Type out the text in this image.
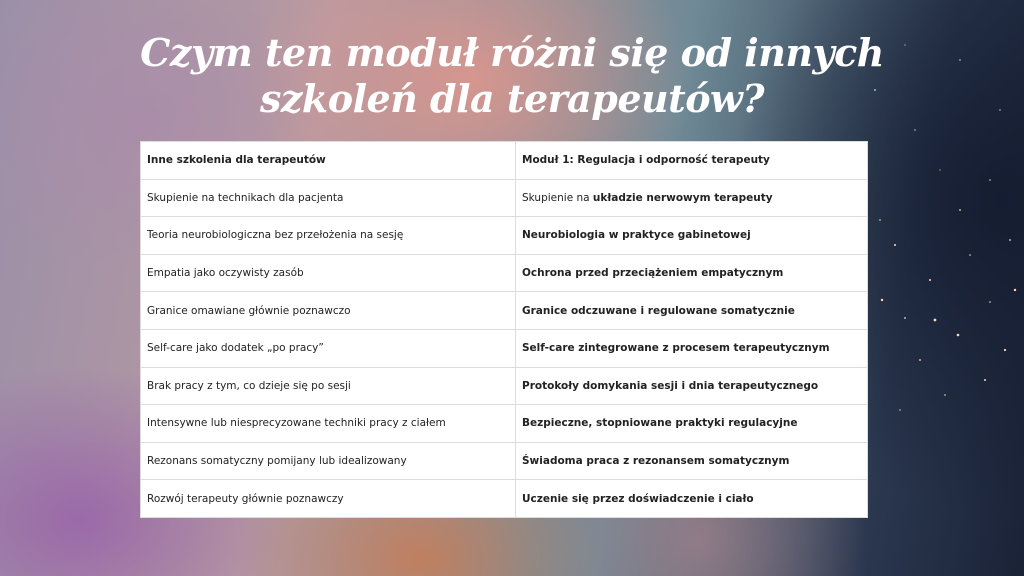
Czym ten moduł różni się od innych
szkoleń dla terapeutów?
Inne szkolenia dla terapeutów	Moduł 1: Regulacja i odporność terapeuty
Skupienie na technikach dla pacjenta	Skupienie na układzie nerwowym terapeuty
Teoria neurobiologiczna bez przełożenia na sesję	Neurobiologia w praktyce gabinetowej
Empatia jako oczywisty zasób	Ochrona przed przeciążeniem empatycznym
Granice omawiane głównie poznawczo	Granice odczuwane i regulowane somatycznie
Self-care jako dodatek „po pracy”	Self-care zintegrowane z procesem terapeutycznym
Brak pracy z tym, co dzieje się po sesji	Protokoły domykania sesji i dnia terapeutycznego
Intensywne lub niesprecyzowane techniki pracy z ciałem	Bezpieczne, stopniowane praktyki regulacyjne
Rezonans somatyczny pomijany lub idealizowany	Świadoma praca z rezonansem somatycznym
Rozwój terapeuty głównie poznawczy	Uczenie się przez doświadczenie i ciało
